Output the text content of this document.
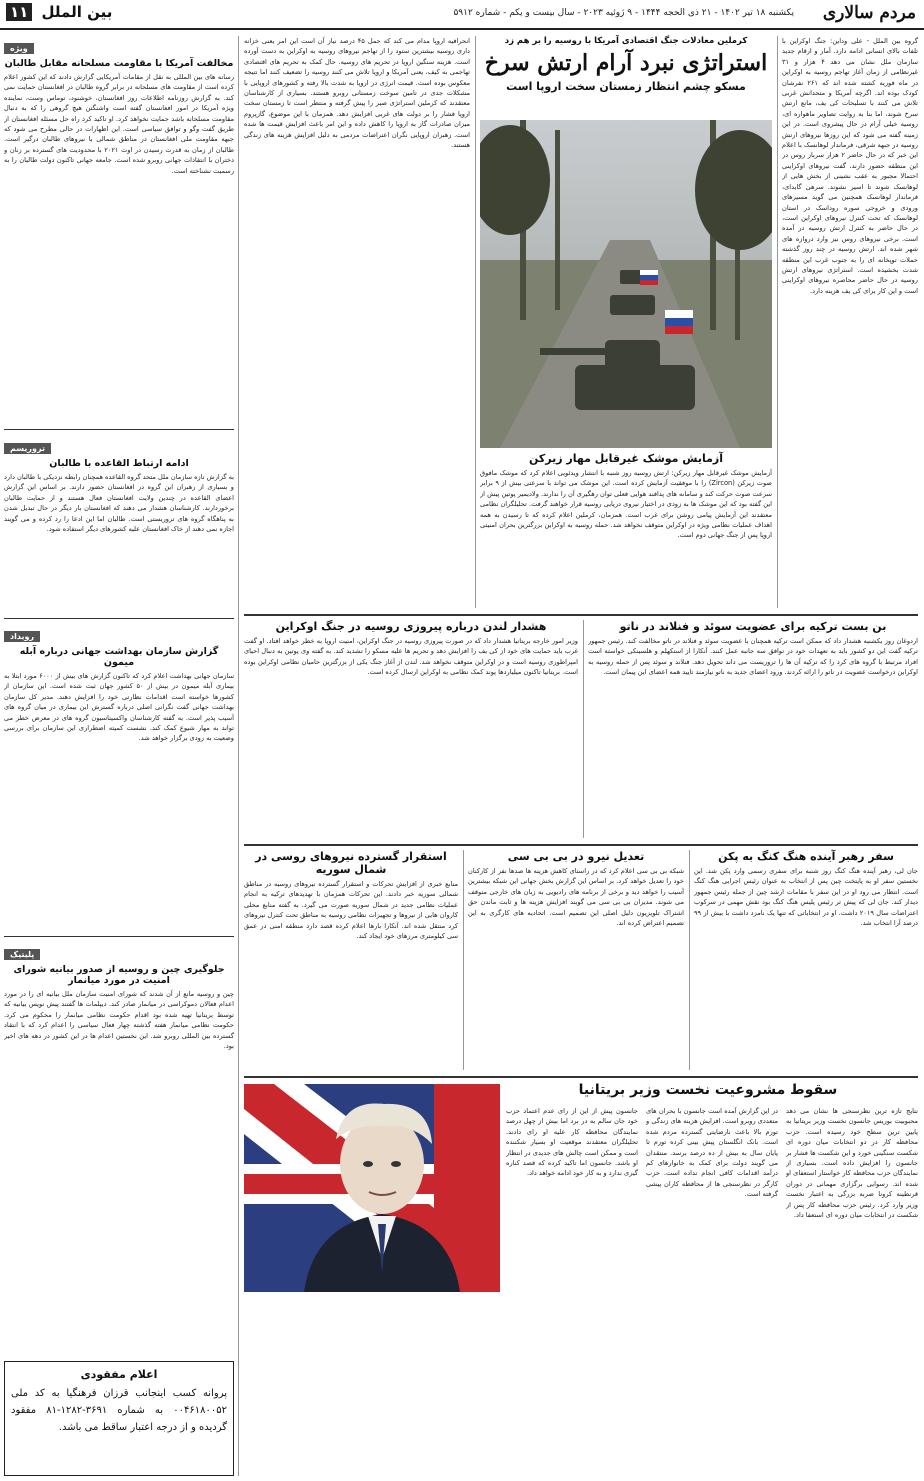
مردم سالاری
یکشنبه ۱۸ تیر ۱۴۰۲ - ۲۱ ذی الحجه ۱۴۴۴ - ۹ ژوئیه ۲۰۲۳ - سال بیست و یکم - شماره ۵۹۱۲
بین الملل ۱۱
ویژه
مخالفت آمریکا با مقاومت مسلحانه مقابل طالبان
رسانه های بین المللی به نقل از مقامات آمریکایی گزارش دادند که این کشور اعلام کرده است از مقاومت های مسلحانه در برابر گروه طالبان در افغانستان حمایت نمی کند. به گزارش روزنامه اطلاعات روز افغانستان، خوشنود، توماس وست، نماینده ویژه آمریکا در امور افغانستان گفته است واشنگتن هیچ گروهی را که به دنبال مقاومت مسلحانه باشد حمایت نخواهد کرد. او تاکید کرد راه حل مسئله افغانستان از طریق گفت وگو و توافق سیاسی است. این اظهارات در حالی مطرح می شود که جبهه مقاومت ملی افغانستان در مناطق شمالی با نیروهای طالبان درگیر است. طالبان از زمان به قدرت رسیدن در اوت ۲۰۲۱ با محدودیت های گسترده بر زنان و دختران با انتقادات جهانی روبرو شده است. جامعه جهانی تاکنون دولت طالبان را به رسمیت نشناخته است.
تروریسم
ادامه ارتباط القاعده با طالبان
به گزارش تازه سازمان ملل متحد گروه القاعده همچنان رابطه نزدیکی با طالبان دارد و بسیاری از رهبران این گروه در افغانستان حضور دارند. بر اساس این گزارش اعضای القاعده در چندین ولایت افغانستان فعال هستند و از حمایت طالبان برخوردارند. کارشناسان هشدار می دهند که افغانستان بار دیگر در حال تبدیل شدن به پناهگاه گروه های تروریستی است. طالبان اما این ادعا را رد کرده و می گویند اجازه نمی دهند از خاک افغانستان علیه کشورهای دیگر استفاده شود.
رویداد
گزارش سازمان بهداشت جهانی درباره آبله میمون
سازمان جهانی بهداشت اعلام کرد که تاکنون گزارش های بیش از ۶۰۰۰ مورد ابتلا به بیماری آبله میمون در بیش از ۵۰ کشور جهان ثبت شده است. این سازمان از کشورها خواسته است اقدامات نظارتی خود را افزایش دهند. مدیر کل سازمان بهداشت جهانی گفت نگرانی اصلی درباره گسترش این بیماری در میان گروه های آسیب پذیر است. به گفته کارشناسان واکسیناسیون گروه های در معرض خطر می تواند به مهار شیوع کمک کند. نشست کمیته اضطراری این سازمان برای بررسی وضعیت به زودی برگزار خواهد شد.
پلیتیک
جلوگیری چین و روسیه از صدور بیانیه شورای امنیت در مورد میانمار
چین و روسیه مانع از آن شدند که شورای امنیت سازمان ملل بیانیه ای را در مورد اعدام فعالان دموکراسی در میانمار صادر کند. دیپلمات ها گفتند پیش نویس بیانیه که توسط بریتانیا تهیه شده بود اقدام حکومت نظامی میانمار را محکوم می کرد. حکومت نظامی میانمار هفته گذشته چهار فعال سیاسی را اعدام کرد که با انتقاد گسترده بین المللی روبرو شد. این نخستین اعدام ها در این کشور در دهه های اخیر بود.
اعلام مفقودی
پروانه کسب اینجانب قرزان فرهنگیا به کد ملی ۰۰۴۶۱۸۰۰۵۲ به شماره ۳۶۹۱-۱۲۸۲-۸۱ مفقود گردیده و از درجه اعتبار ساقط می باشد.
گروه بین الملل - علی وداین: جنگ اوکراین با تلفات بالای انسانی ادامه دارد. آمار و ارقام جدید سازمان ملل نشان می دهد ۴ هزار و ۳۱ غیرنظامی از زمان آغاز تهاجم روسیه به اوکراین در ماه فوریه کشته شده اند که ۲۶۱ نفرشان کودک بوده اند. اگرچه آمریکا و متحدانش غربی تلاش می کنند با تسلیحات کی یف، مانع ارتش سرخ شوند، اما بنا به روایت تصاویر ماهواره ای، روسیه خیلی آرام در حال پیشروی است. در این زمینه گفته می شود که این روزها نیروهای ارتش روسیه در جبهه شرقی، فرماندار لوهانسک با اعلام این خبر که در حال حاضر ۲ هزار سرباز روس در این منطقه حضور دارند، گفت نیروهای اوکراینی احتمالا مجبور به عقب نشینی از بخش هایی از لوهانسک شوند تا اسیر نشوند. سرهی گایدای، فرماندار لوهانسک همچنین می گوید مسیرهای ورودی و خروجی سوره روداسک در استان لوهانسک که تحت کنترل نیروهای اوکراین است، در حال حاضر به کنترل ارتش روسیه در آمده است. برخی نیروهای روس نیز وارد دروازه های شهر شده اند. ارتش روسیه در چند روز گذشته حملات توپخانه ای را به جنوب غرب این منطقه شدت بخشیده است. استراتژی نیروهای ارتش روسیه در حال حاضر محاصره نیروهای اوکراینی است و این کار برای کی یف هزینه دارد.
کرملین معادلات جنگ اقتصادی آمریکا با روسیه را بر هم زد
استراتژی نبرد آرام ارتش سرخ
مسکو چشم انتظار زمستان سخت اروپا است
آزمایش موشک غیرقابل مهار زیرکن
آزمایش موشک غیرقابل مهار زیرکن: ارتش روسیه روز شنبه با انتشار ویدئویی اعلام کرد که موشک مافوق صوت زیرکن (Zircon) را با موفقیت آزمایش کرده است. این موشک می تواند با سرعتی بیش از ۹ برابر سرعت صوت حرکت کند و سامانه های پدافند هوایی فعلی توان رهگیری آن را ندارند. ولادیمیر پوتین پیش از این گفته بود که این موشک ها به زودی در اختیار نیروی دریایی روسیه قرار خواهند گرفت. تحلیلگران نظامی معتقدند این آزمایش پیامی روشن برای غرب است. همزمان، کرملین اعلام کرده که تا رسیدن به همه اهداف عملیات نظامی ویژه در اوکراین متوقف نخواهد شد. حمله روسیه به اوکراین بزرگترین بحران امنیتی اروپا پس از جنگ جهانی دوم است.
انحرافیه اروپا مدام می کند که حمل ۴۵ درصد نیاز آن است این امر یعنی خزانه داری روسیه بیشترین ستود را از تهاجم نیروهای روسیه به اوکراین به دست آورده است. هزینه سنگین اروپا در تحریم های روسیه. حال کمک به تحریم های اقتصادی تهاجمی به کیف، یعنی آمریکا و اروپا تلاش می کنند روسیه را تضعیف کنند اما نتیجه معکوس بوده است. قیمت انرژی در اروپا به شدت بالا رفته و کشورهای اروپایی با مشکلات جدی در تامین سوخت زمستانی روبرو هستند. بسیاری از کارشناسان معتقدند که کرملین استراتژی صبر را پیش گرفته و منتظر است تا زمستان سخت اروپا فشار را بر دولت های غربی افزایش دهد. همزمان با این موضوع، گازپروم میزان صادرات گاز به اروپا را کاهش داده و این امر باعث افزایش قیمت ها شده است. رهبران اروپایی نگران اعتراضات مردمی به دلیل افزایش هزینه های زندگی هستند.
بن بست ترکیه برای عضویت سوئد و فنلاند در ناتو
اردوغان روز یکشنبه هشدار داد که ممکن است ترکیه همچنان با عضویت سوئد و فنلاند در ناتو مخالفت کند. رئیس جمهور ترکیه گفت این دو کشور باید به تعهدات خود در توافق سه جانبه عمل کنند. آنکارا از استکهلم و هلسینکی خواسته است افراد مرتبط با گروه های کرد را که ترکیه آن ها را تروریست می داند تحویل دهد. فنلاند و سوئد پس از حمله روسیه به اوکراین درخواست عضویت در ناتو را ارائه کردند. ورود اعضای جدید به ناتو نیازمند تایید همه اعضای این پیمان است.
هشدار لندن درباره پیروزی روسیه در جنگ اوکراین
وزیر امور خارجه بریتانیا هشدار داد که در صورت پیروزی روسیه در جنگ اوکراین، امنیت اروپا به خطر خواهد افتاد. او گفت غرب باید حمایت های خود از کی یف را افزایش دهد و تحریم ها علیه مسکو را تشدید کند. به گفته وی پوتین به دنبال احیای امپراطوری روسیه است و در اوکراین متوقف نخواهد شد. لندن از آغاز جنگ یکی از بزرگترین حامیان نظامی اوکراین بوده است. بریتانیا تاکنون میلیاردها پوند کمک نظامی به اوکراین ارسال کرده است.
سفر رهبر آینده هنگ کنگ به پکن
جان لی، رهبر آینده هنگ کنگ روز شنبه برای سفری رسمی وارد پکن شد. این نخستین سفر او به پایتخت چین پس از انتخاب به عنوان رئیس اجرایی هنگ کنگ است. انتظار می رود او در این سفر با مقامات ارشد چین از جمله رئیس جمهور دیدار کند. جان لی که پیش تر رئیس پلیس هنگ کنگ بود نقش مهمی در سرکوب اعتراضات سال ۲۰۱۹ داشت. او در انتخاباتی که تنها یک نامزد داشت با بیش از ۹۹ درصد آرا انتخاب شد.
تعدیل نیرو در بی بی سی
شبکه بی بی سی اعلام کرد که در راستای کاهش هزینه ها صدها نفر از کارکنان خود را تعدیل خواهد کرد. بر اساس این گزارش بخش جهانی این شبکه بیشترین آسیب را خواهد دید و برخی از برنامه های رادیویی به زبان های خارجی متوقف می شوند. مدیران بی بی سی می گویند افزایش هزینه ها و ثابت ماندن حق اشتراک تلویزیون دلیل اصلی این تصمیم است. اتحادیه های کارگری به این تصمیم اعتراض کرده اند.
استقرار گسترده نیروهای روسی در شمال سوریه
منابع خبری از افزایش تحرکات و استقرار گسترده نیروهای روسیه در مناطق شمالی سوریه خبر دادند. این تحرکات همزمان با تهدیدهای ترکیه به انجام عملیات نظامی جدید در شمال سوریه صورت می گیرد. به گفته منابع محلی کاروان هایی از نیروها و تجهیزات نظامی روسیه به مناطق تحت کنترل نیروهای کرد منتقل شده اند. آنکارا بارها اعلام کرده قصد دارد منطقه امنی در عمق سی کیلومتری مرزهای خود ایجاد کند.
سقوط مشروعیت نخست وزیر بریتانیا
نتایج تازه ترین نظرسنجی ها نشان می دهد محبوبیت بوریس جانسون نخست وزیر بریتانیا به پایین ترین سطح خود رسیده است. حزب محافظه کار در دو انتخابات میان دوره ای شکست سنگینی خورد و این شکست ها فشار بر جانسون را افزایش داده است. بسیاری از نمایندگان حزب محافظه کار خواستار استعفای او شده اند. رسوایی برگزاری مهمانی در دوران قرنطینه کرونا ضربه بزرگی به اعتبار نخست وزیر وارد کرد. رئیس حزب محافظه کار پس از شکست در انتخابات میان دوره ای استعفا داد.
در این گزارش آمده است جانسون با بحران های متعددی روبرو است. افزایش هزینه های زندگی و تورم بالا باعث نارضایتی گسترده مردم شده است. بانک انگلستان پیش بینی کرده تورم تا پایان سال به بیش از ده درصد برسد. منتقدان می گویند دولت برای کمک به خانوارهای کم درآمد اقدامات کافی انجام نداده است. حزب کارگر در نظرسنجی ها از محافظه کاران پیشی گرفته است.
جانسون پیش از این از رای عدم اعتماد حزب خود جان سالم به در برد اما بیش از چهل درصد نمایندگان محافظه کار علیه او رای دادند. تحلیلگران معتقدند موقعیت او بسیار شکننده است و ممکن است چالش های جدیدی در انتظار او باشد. جانسون اما تاکید کرده که قصد کناره گیری ندارد و به کار خود ادامه خواهد داد.
